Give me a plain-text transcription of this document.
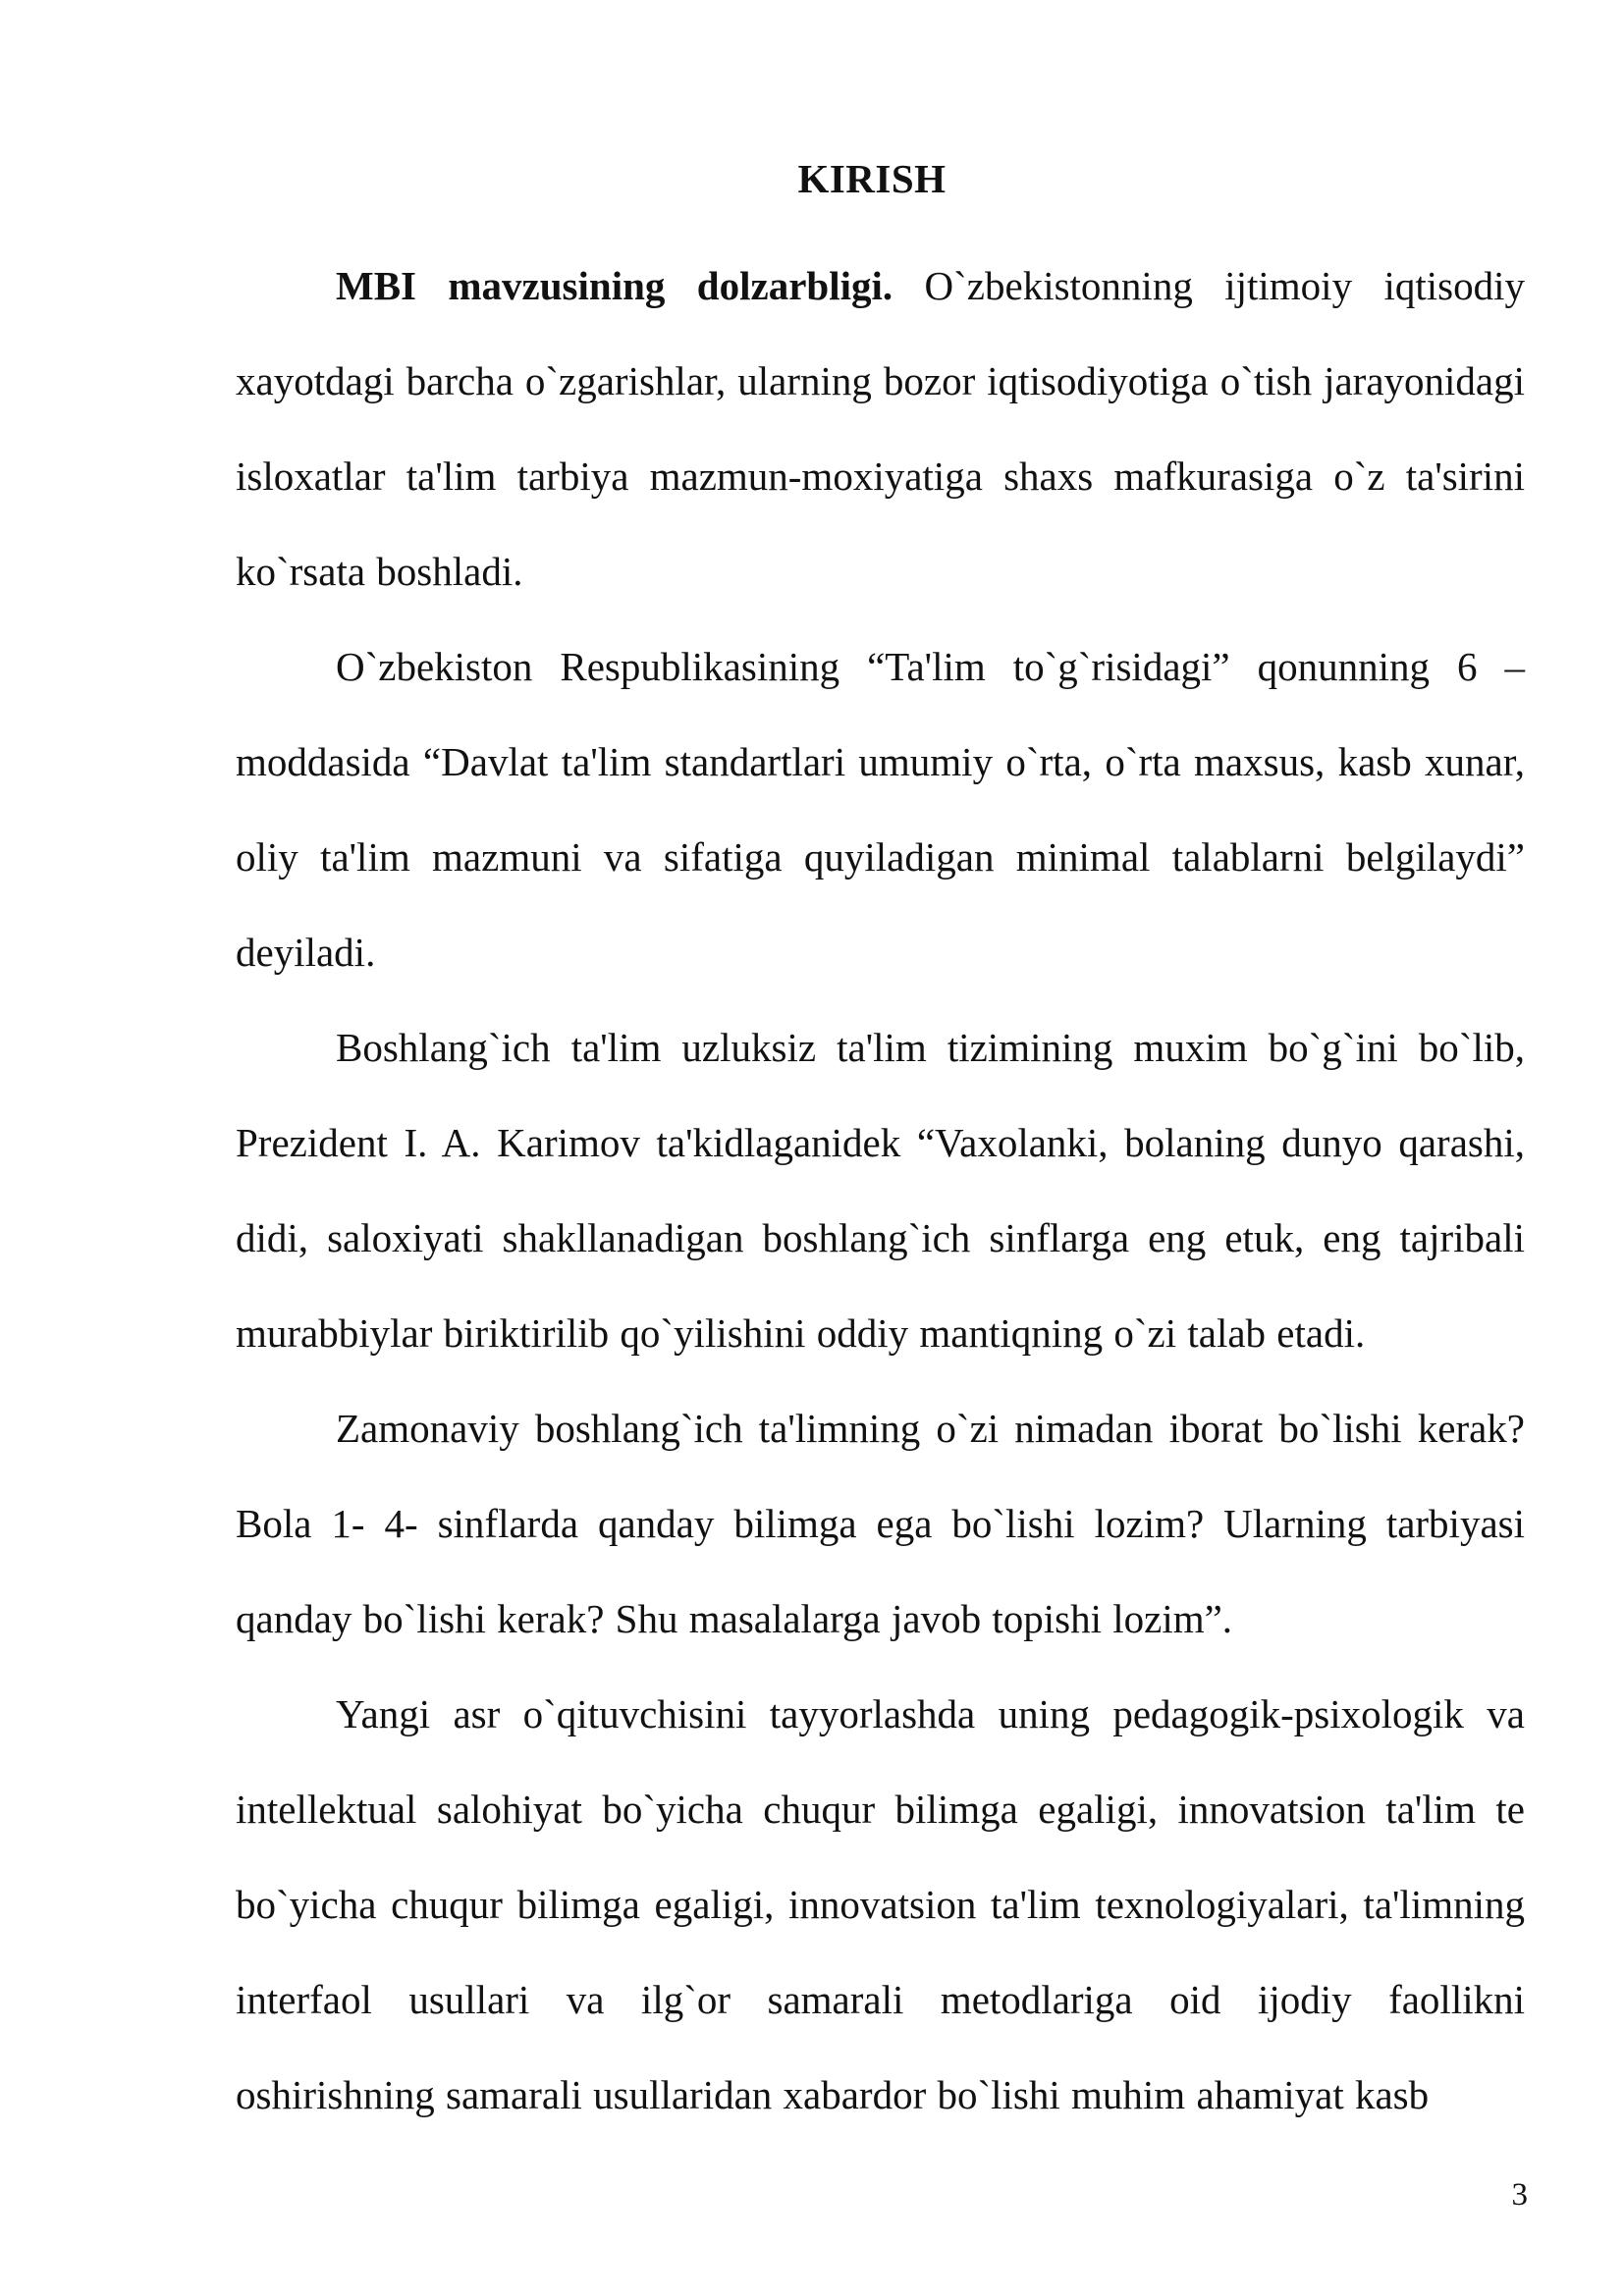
KIRISH

MBI mavzusining dolzarbligi. O`zbekistonning ijtimoiy iqtisodiy xayotdagi barcha o`zgarishlar, ularning bozor iqtisodiyotiga o`tish jarayonidagi isloxatlar ta'lim tarbiya mazmun-moxiyatiga shaxs mafkurasiga o`z ta'sirini ko`rsata boshladi.

O`zbekiston Respublikasining “Ta'lim to`g`risidagi” qonunning 6 – moddasida “Davlat ta'lim standartlari umumiy o`rta, o`rta maxsus, kasb xunar, oliy ta'lim mazmuni va sifatiga quyiladigan minimal talablarni belgilaydi” deyiladi.

Boshlang`ich ta'lim uzluksiz ta'lim tizimining muxim bo`g`ini bo`lib, Prezident I. A. Karimov ta'kidlaganidek “Vaxolanki, bolaning dunyo qarashi, didi, saloxiyati shakllanadigan boshlang`ich sinflarga eng etuk, eng tajribali murabbiylar biriktirilib qo`yilishini oddiy mantiqning o`zi talab etadi.

Zamonaviy boshlang`ich ta'limning o`zi nimadan iborat bo`lishi kerak? Bola 1- 4- sinflarda qanday bilimga ega bo`lishi lozim? Ularning tarbiyasi qanday bo`lishi kerak? Shu masalalarga javob topishi lozim”.

Yangi asr o`qituvchisini tayyorlashda uning pedagogik-psixologik va intellektual salohiyat bo`yicha chuqur bilimga egaligi, innovatsion ta'lim te bo`yicha chuqur bilimga egaligi, innovatsion ta'lim texnologiyalari, ta'limning interfaol usullari va ilg`or samarali metodlariga oid ijodiy faollikni oshirishning samarali usullaridan xabardor bo`lishi muhim ahamiyat kasb

3
